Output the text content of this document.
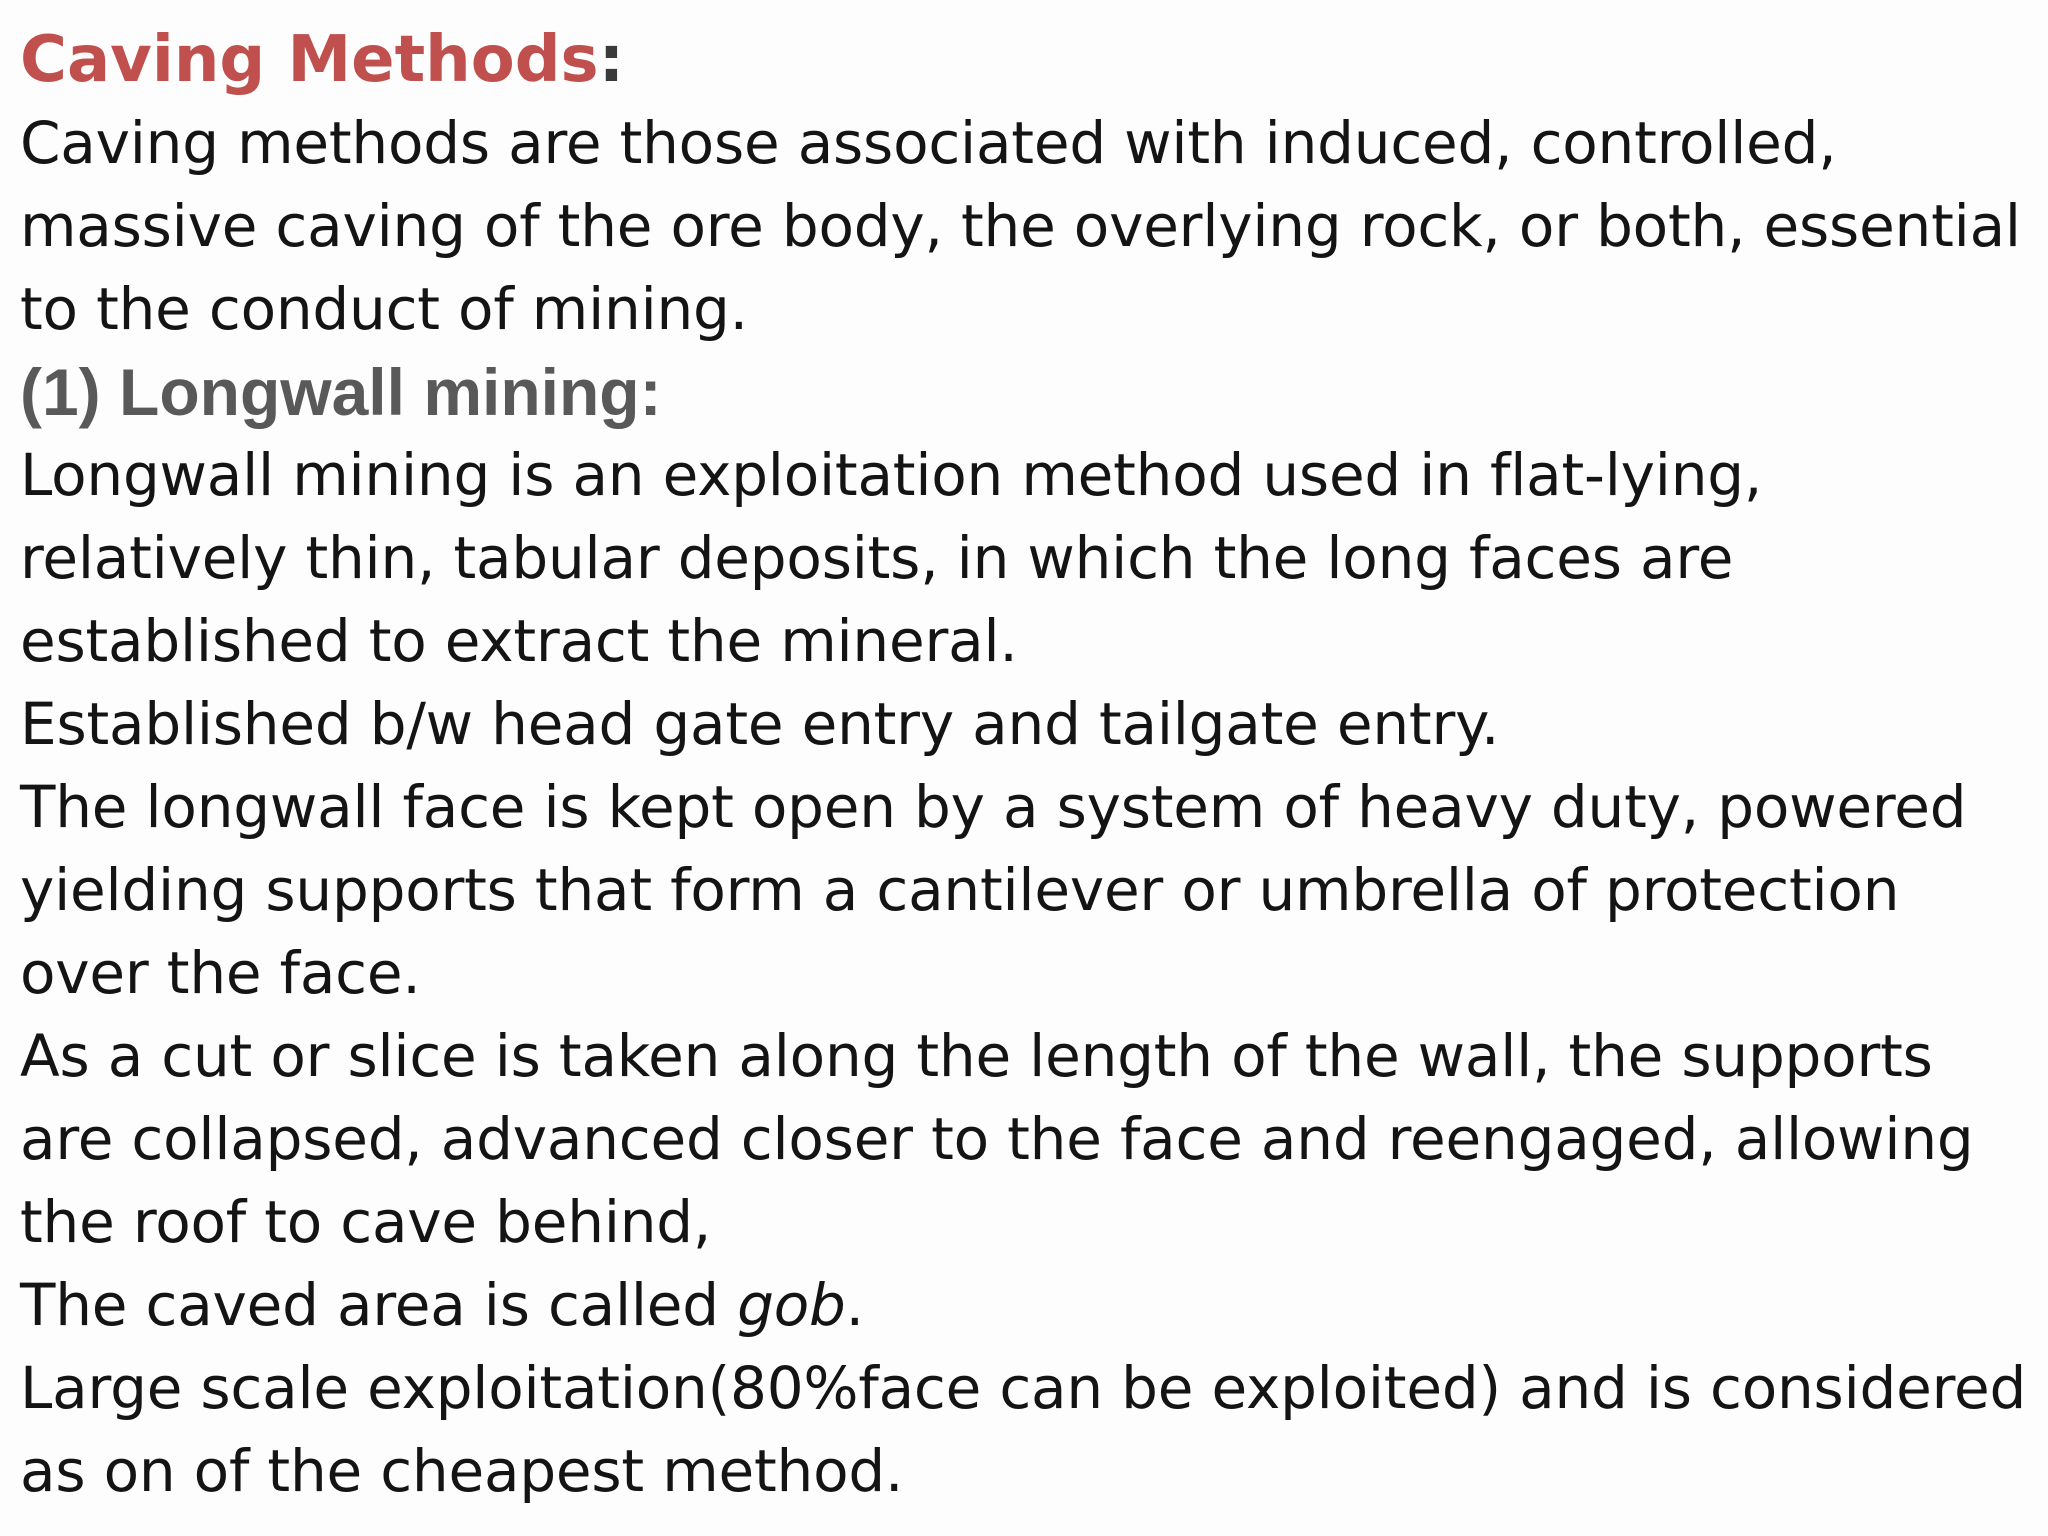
Caving Methods:

Caving methods are those associated with induced, controlled, massive caving of the ore body, the overlying rock, or both, essential to the conduct of mining.

(1) Longwall mining:

Longwall mining is an exploitation method used in flat-lying, relatively thin, tabular deposits, in which the long faces are established to extract the mineral.

Established b/w head gate entry and tailgate entry.

The longwall face is kept open by a system of heavy duty, powered yielding supports that form a cantilever or umbrella of protection over the face.

As a cut or slice is taken along the length of the wall, the supports are collapsed, advanced closer to the face and reengaged, allowing the roof to cave behind,

The caved area is called gob.

Large scale exploitation(80%face can be exploited) and is considered as on of the cheapest method.
